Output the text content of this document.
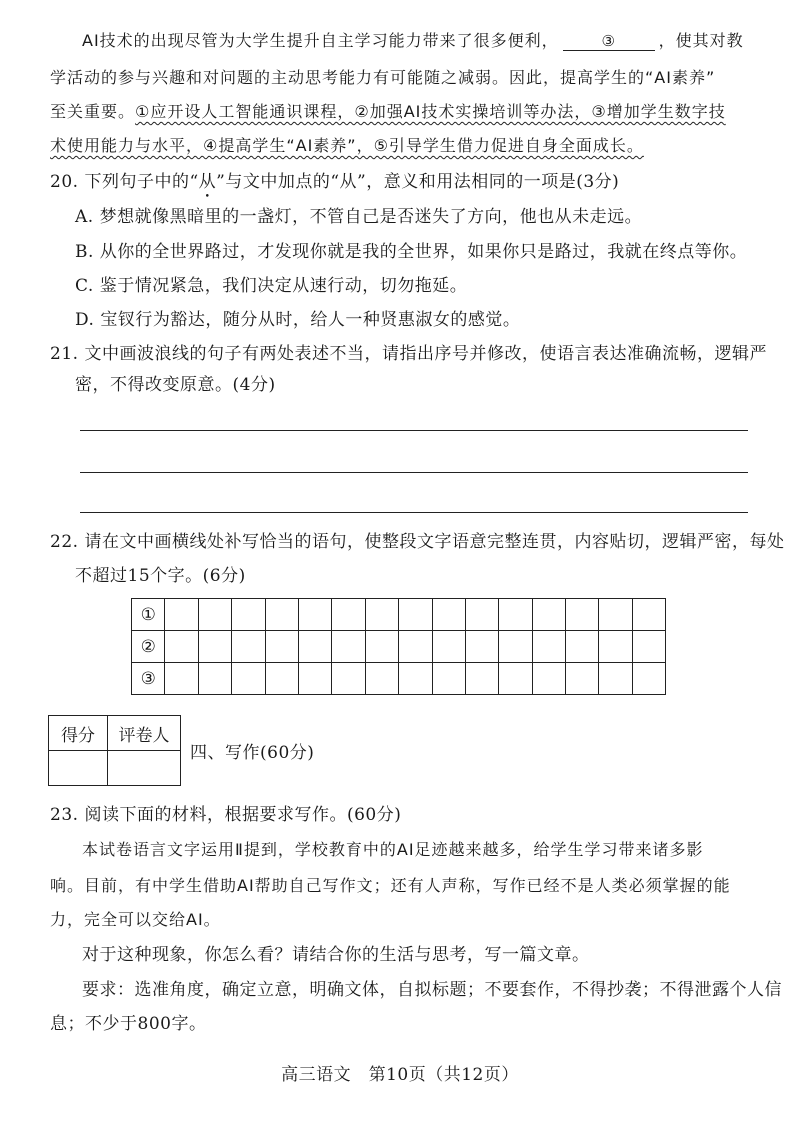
AI技术的出现尽管为大学生提升自主学习能力带来了很多便利，	③	，使其对教
学活动的参与兴趣和对问题的主动思考能力有可能随之减弱。因此，提高学生的“AI素养”
至关重要。①应开设人工智能通识课程，②加强AI技术实操培训等办法，③增加学生数字技
术使用能力与水平，④提高学生“AI素养”，⑤引导学生借力促进自身全面成长。
20. 下列句子中的“从”与文中加点的“从”，意义和用法相同的一项是(3分)
A. 梦想就像黑暗里的一盏灯，不管自己是否迷失了方向，他也从未走远。
B. 从你的全世界路过，才发现你就是我的全世界，如果你只是路过，我就在终点等你。
C. 鉴于情况紧急，我们决定从速行动，切勿拖延。
D. 宝钗行为豁达，随分从时，给人一种贤惠淑女的感觉。
21. 文中画波浪线的句子有两处表述不当，请指出序号并修改，使语言表达准确流畅，逻辑严
密，不得改变原意。(4分)
22. 请在文中画横线处补写恰当的语句，使整段文字语意完整连贯，内容贴切，逻辑严密，每处
不超过15个字。(6分)
①															
②															
③															
得分	评卷人

四、写作(60分)
23. 阅读下面的材料，根据要求写作。(60分)
本试卷语言文字运用Ⅱ提到，学校教育中的AI足迹越来越多，给学生学习带来诸多影
响。目前，有中学生借助AI帮助自己写作文；还有人声称，写作已经不是人类必须掌握的能
力，完全可以交给AI。
对于这种现象，你怎么看？请结合你的生活与思考，写一篇文章。
要求：选准角度，确定立意，明确文体，自拟标题；不要套作，不得抄袭；不得泄露个人信
息；不少于800字。
高三语文　第10页（共12页）
